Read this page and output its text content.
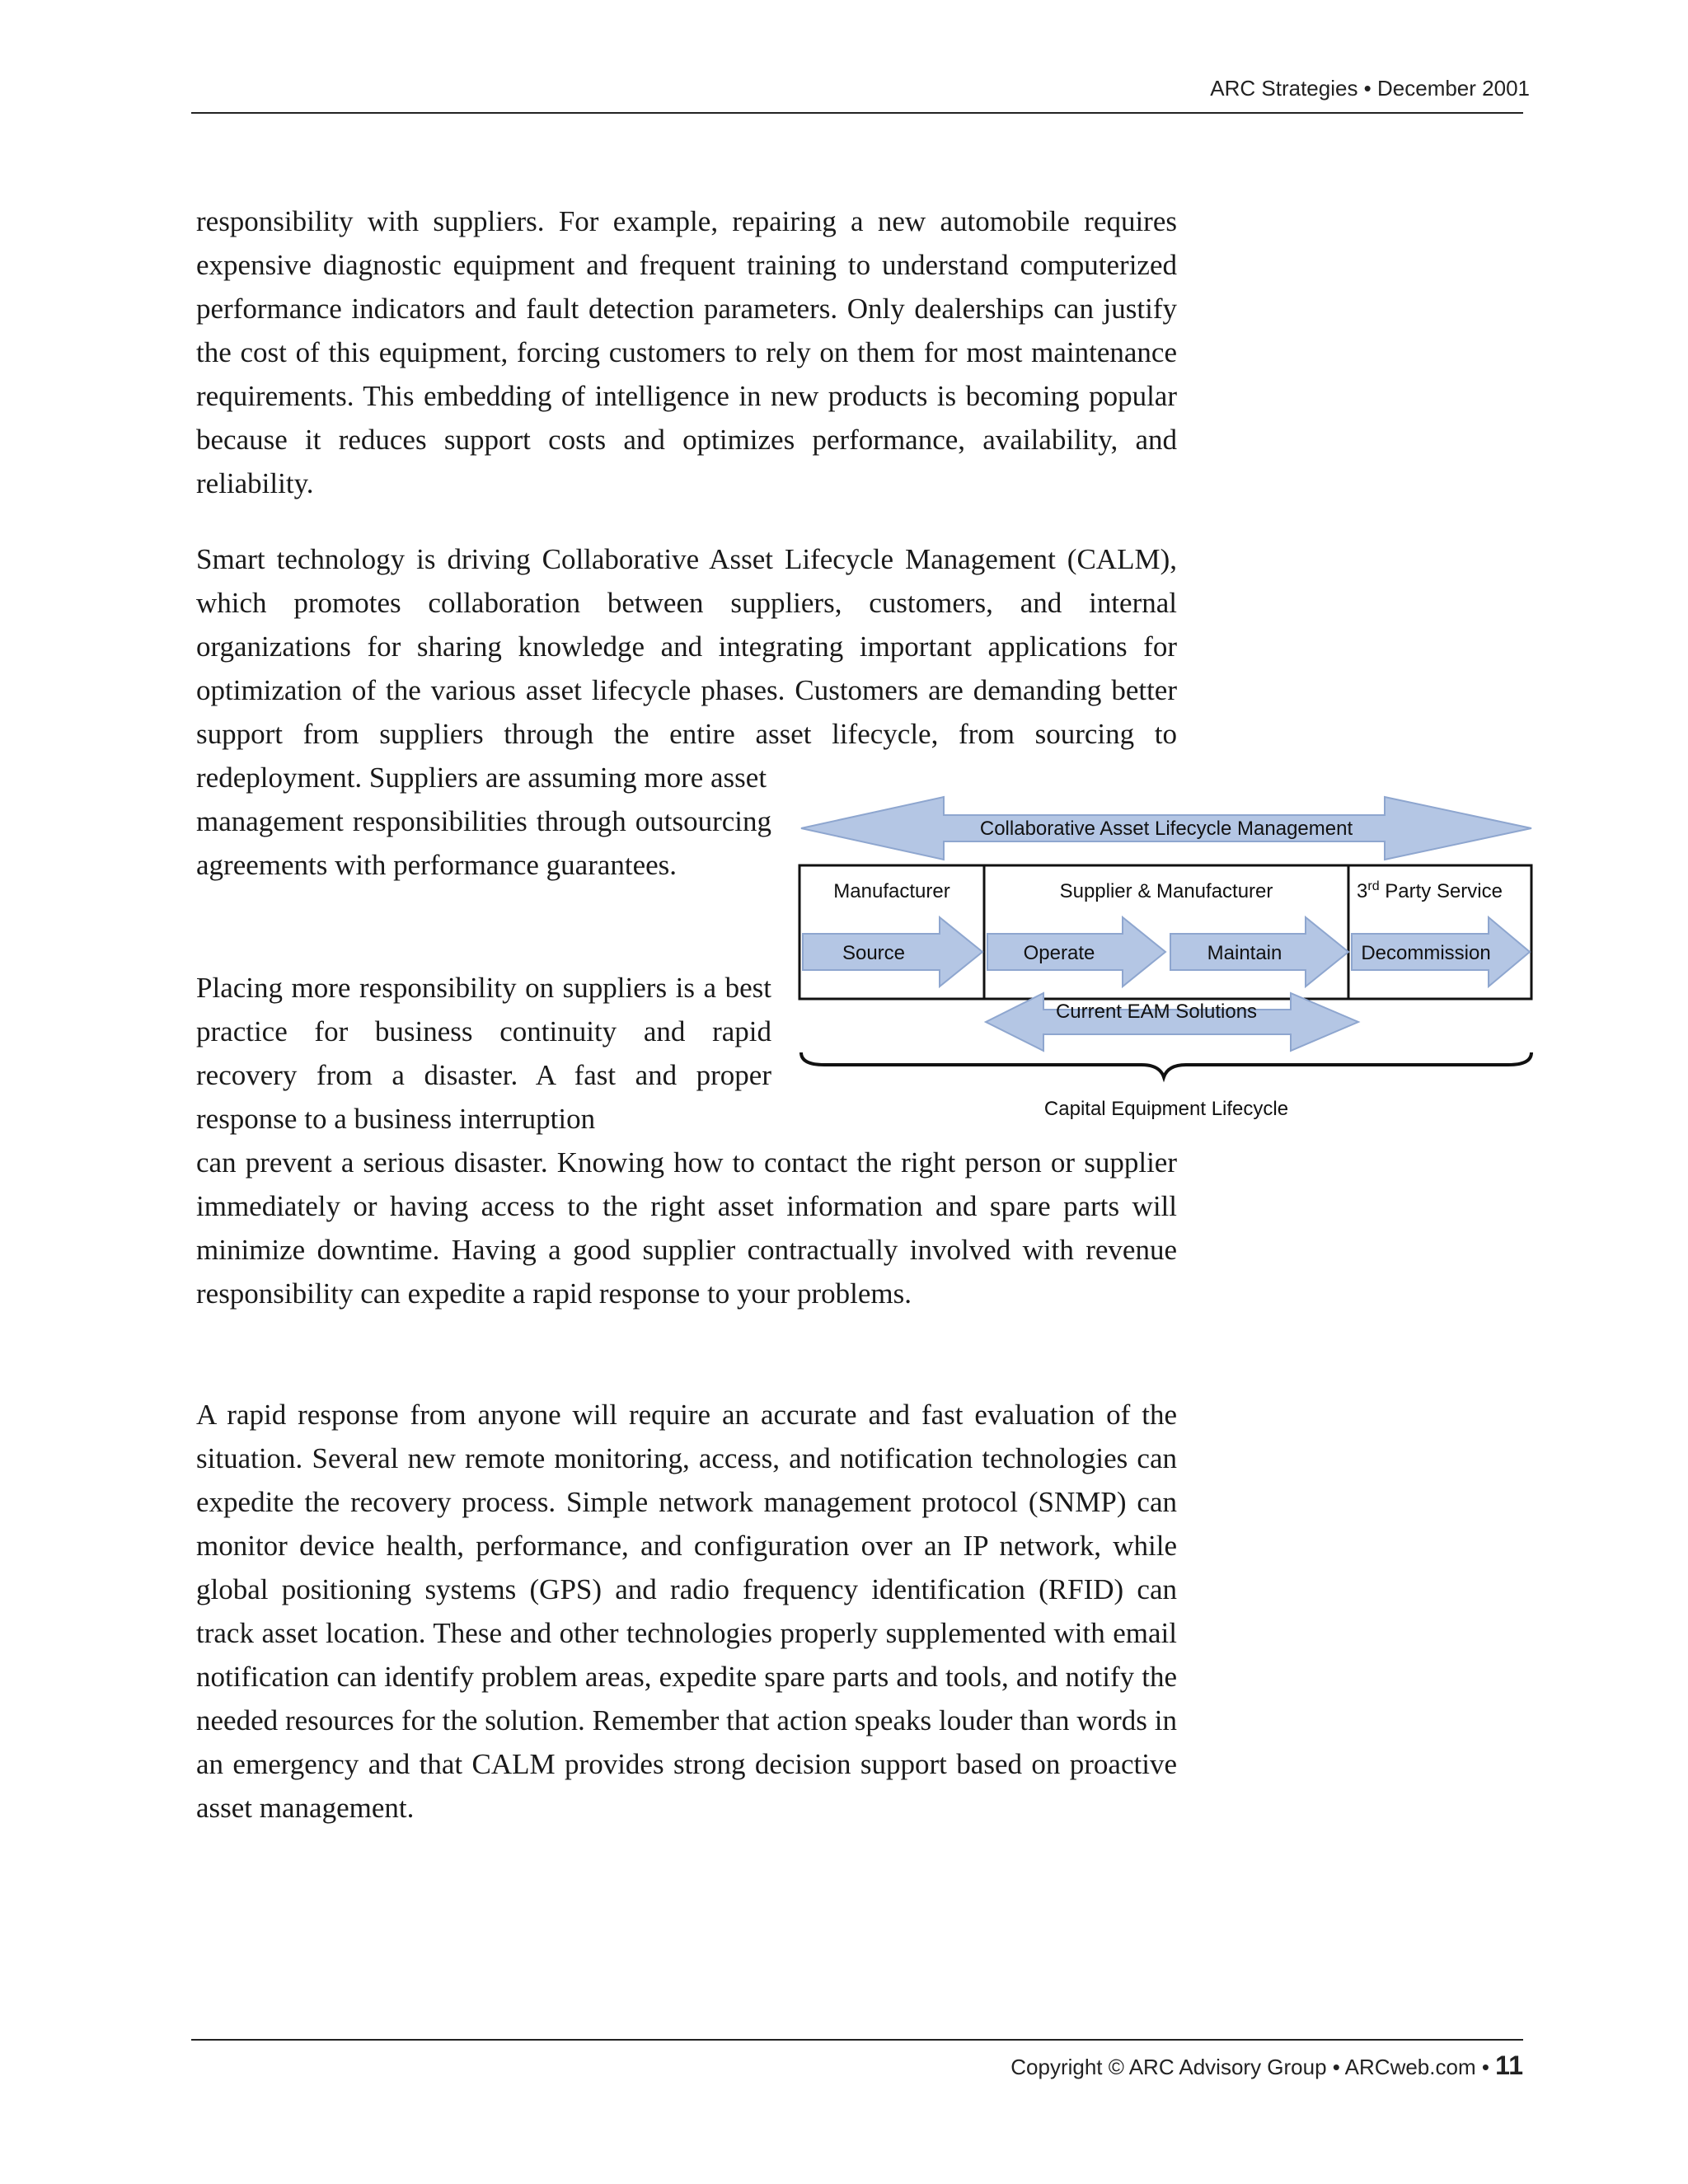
ARC Strategies • December 2001

responsibility with suppliers. For example, repairing a new automobile requires expensive diagnostic equipment and frequent training to understand computerized performance indicators and fault detection parameters. Only dealerships can justify the cost of this equipment, forcing customers to rely on them for most maintenance requirements. This embedding of intelligence in new products is becoming popular because it reduces support costs and optimizes performance, availability, and reliability.

Smart technology is driving Collaborative Asset Lifecycle Management (CALM), which promotes collaboration between suppliers, customers, and internal organizations for sharing knowledge and integrating important applications for optimization of the various asset lifecycle phases. Customers are demanding better support from suppliers through the entire asset lifecycle, from sourcing to redeployment. Suppliers are assuming more asset

management responsibilities through outsourcing agreements with performance guarantees.

Placing more responsibility on suppliers is a best practice for business continuity and rapid recovery from a disaster. A fast and proper response to a business interruption

can prevent a serious disaster. Knowing how to contact the right person or supplier immediately or having access to the right asset information and spare parts will minimize downtime. Having a good supplier contractually involved with revenue responsibility can expedite a rapid response to your problems.

A rapid response from anyone will require an accurate and fast evaluation of the situation. Several new remote monitoring, access, and notification technologies can expedite the recovery process. Simple network management protocol (SNMP) can monitor device health, performance, and configuration over an IP network, while global positioning systems (GPS) and radio frequency identification (RFID) can track asset location. These and other technologies properly supplemented with email notification can identify problem areas, expedite spare parts and tools, and notify the needed resources for the solution. Remember that action speaks louder than words in an emergency and that CALM provides strong decision support based on proactive asset management.

Collaborative Asset Lifecycle Management
Manufacturer	Supplier & Manufacturer	3rd Party Service
Source	Operate	Maintain	Decommission
Current EAM Solutions
Capital Equipment Lifecycle
Copyright © ARC Advisory Group • ARCweb.com • 11
